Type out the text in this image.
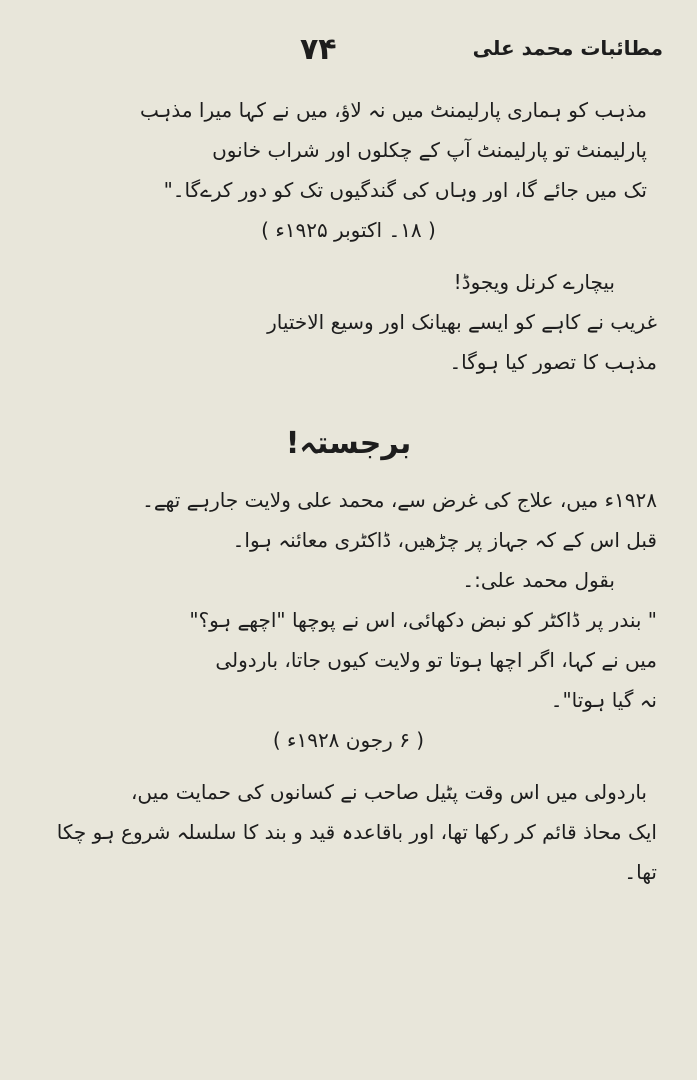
۷۴	مطائبات محمد علی
مذہب کو ہماری پارلیمنٹ میں نہ لاؤ، میں نے کہا میرا مذہب
پارلیمنٹ تو پارلیمنٹ آپ کے چکلوں اور شراب خانوں
تک میں جائے گا، اور وہاں کی گندگیوں تک کو دور کرےگا۔"
( ۱۸۔ اکتوبر ۱۹۲۵ء )
بیچارے کرنل ویجوڈ!
غریب نے کاہے کو ایسے بھیانک اور وسیع الاختیار
مذہب کا تصور کیا ہوگا۔
برجستہ!
۱۹۲۸ء میں، علاج کی غرض سے، محمد علی ولایت جارہے تھے۔
قبل اس کے کہ جہاز پر چڑھیں، ڈاکٹری معائنہ ہوا۔
بقول محمد علی:۔
" بندر پر ڈاکٹر کو نبض دکھائی، اس نے پوچھا "اچھے ہو؟"
میں نے کہا، اگر اچھا ہوتا تو ولایت کیوں جاتا، باردولی
نہ گیا ہوتا"۔
( ۶ رجون ۱۹۲۸ء )
باردولی میں اس وقت پٹیل صاحب نے کسانوں کی حمایت میں،
ایک محاذ قائم کر رکھا تھا، اور باقاعدہ قید و بند کا سلسلہ شروع ہو چکا
تھا۔
